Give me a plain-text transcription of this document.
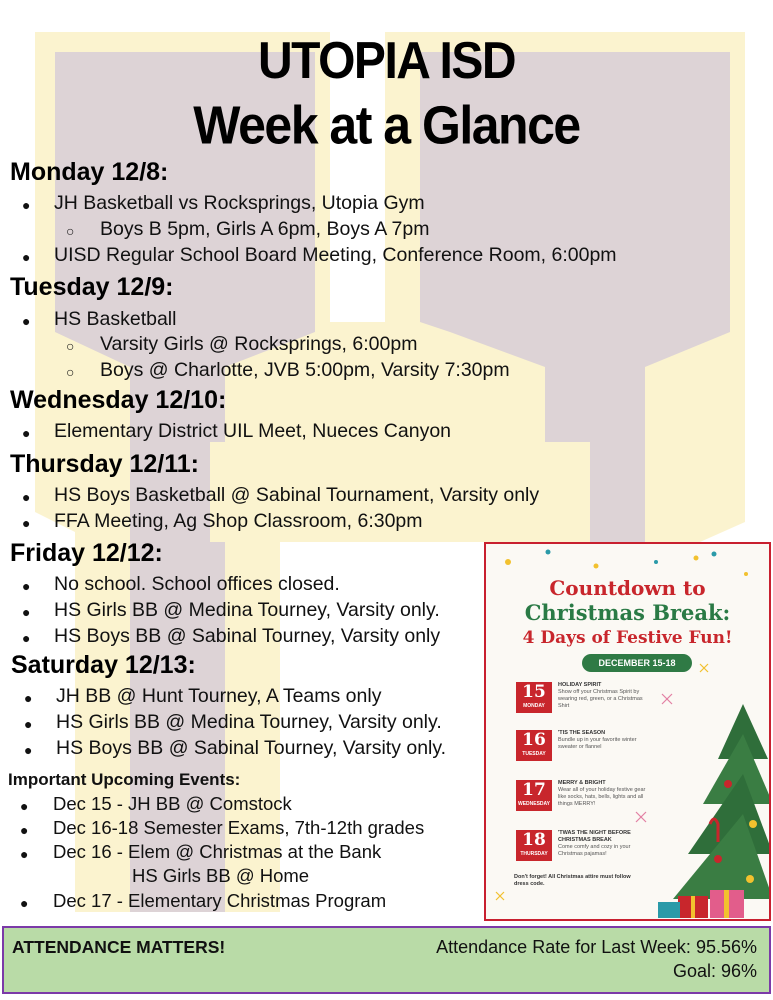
UTOPIA ISD
Week at a Glance
Monday 12/8:
● JH Basketball vs Rocksprings, Utopia Gym
○ Boys B 5pm, Girls A 6pm, Boys A 7pm
● UISD Regular School Board Meeting, Conference Room, 6:00pm
Tuesday 12/9:
● HS Basketball
○ Varsity Girls @ Rocksprings, 6:00pm
○ Boys @ Charlotte, JVB 5:00pm, Varsity 7:30pm
Wednesday 12/10:
● Elementary District UIL Meet, Nueces Canyon
Thursday 12/11:
● HS Boys Basketball @ Sabinal Tournament, Varsity only
● FFA Meeting, Ag Shop Classroom, 6:30pm
Friday 12/12:
● No school. School offices closed.
● HS Girls BB @ Medina Tourney, Varsity only.
● HS Boys BB @ Sabinal Tourney, Varsity only
Saturday 12/13:
● JH BB @ Hunt Tourney, A Teams only
● HS Girls BB @ Medina Tourney, Varsity only.
● HS Boys BB @ Sabinal Tourney, Varsity only.
Important Upcoming Events:
● Dec 15 - JH BB @ Comstock
● Dec 16-18 Semester Exams, 7th-12th grades
● Dec 16 - Elem @ Christmas at the Bank
HS Girls BB @ Home
● Dec 17 - Elementary Christmas Program
Countdown to
Christmas Break:
4 Days of Festive Fun!
DECEMBER 15-18
15
MONDAY
HOLIDAY SPIRIT
Show off your Christmas Spirit by wearing red, green, or a Christmas Shirt
16
TUESDAY
'TIS THE SEASON
Bundle up in your favorite winter sweater or flannel
17
WEDNESDAY
MERRY & BRIGHT
Wear all of your holiday festive gear like socks, hats, bells, lights and all things MERRY!
18
THURSDAY
'TWAS THE NIGHT BEFORE CHRISTMAS BREAK
Come comfy and cozy in your Christmas pajamas!
Don't forget! All Christmas attire must follow dress code.
ATTENDANCE MATTERS!	Attendance Rate for Last Week: 95.56%
Goal: 96%
